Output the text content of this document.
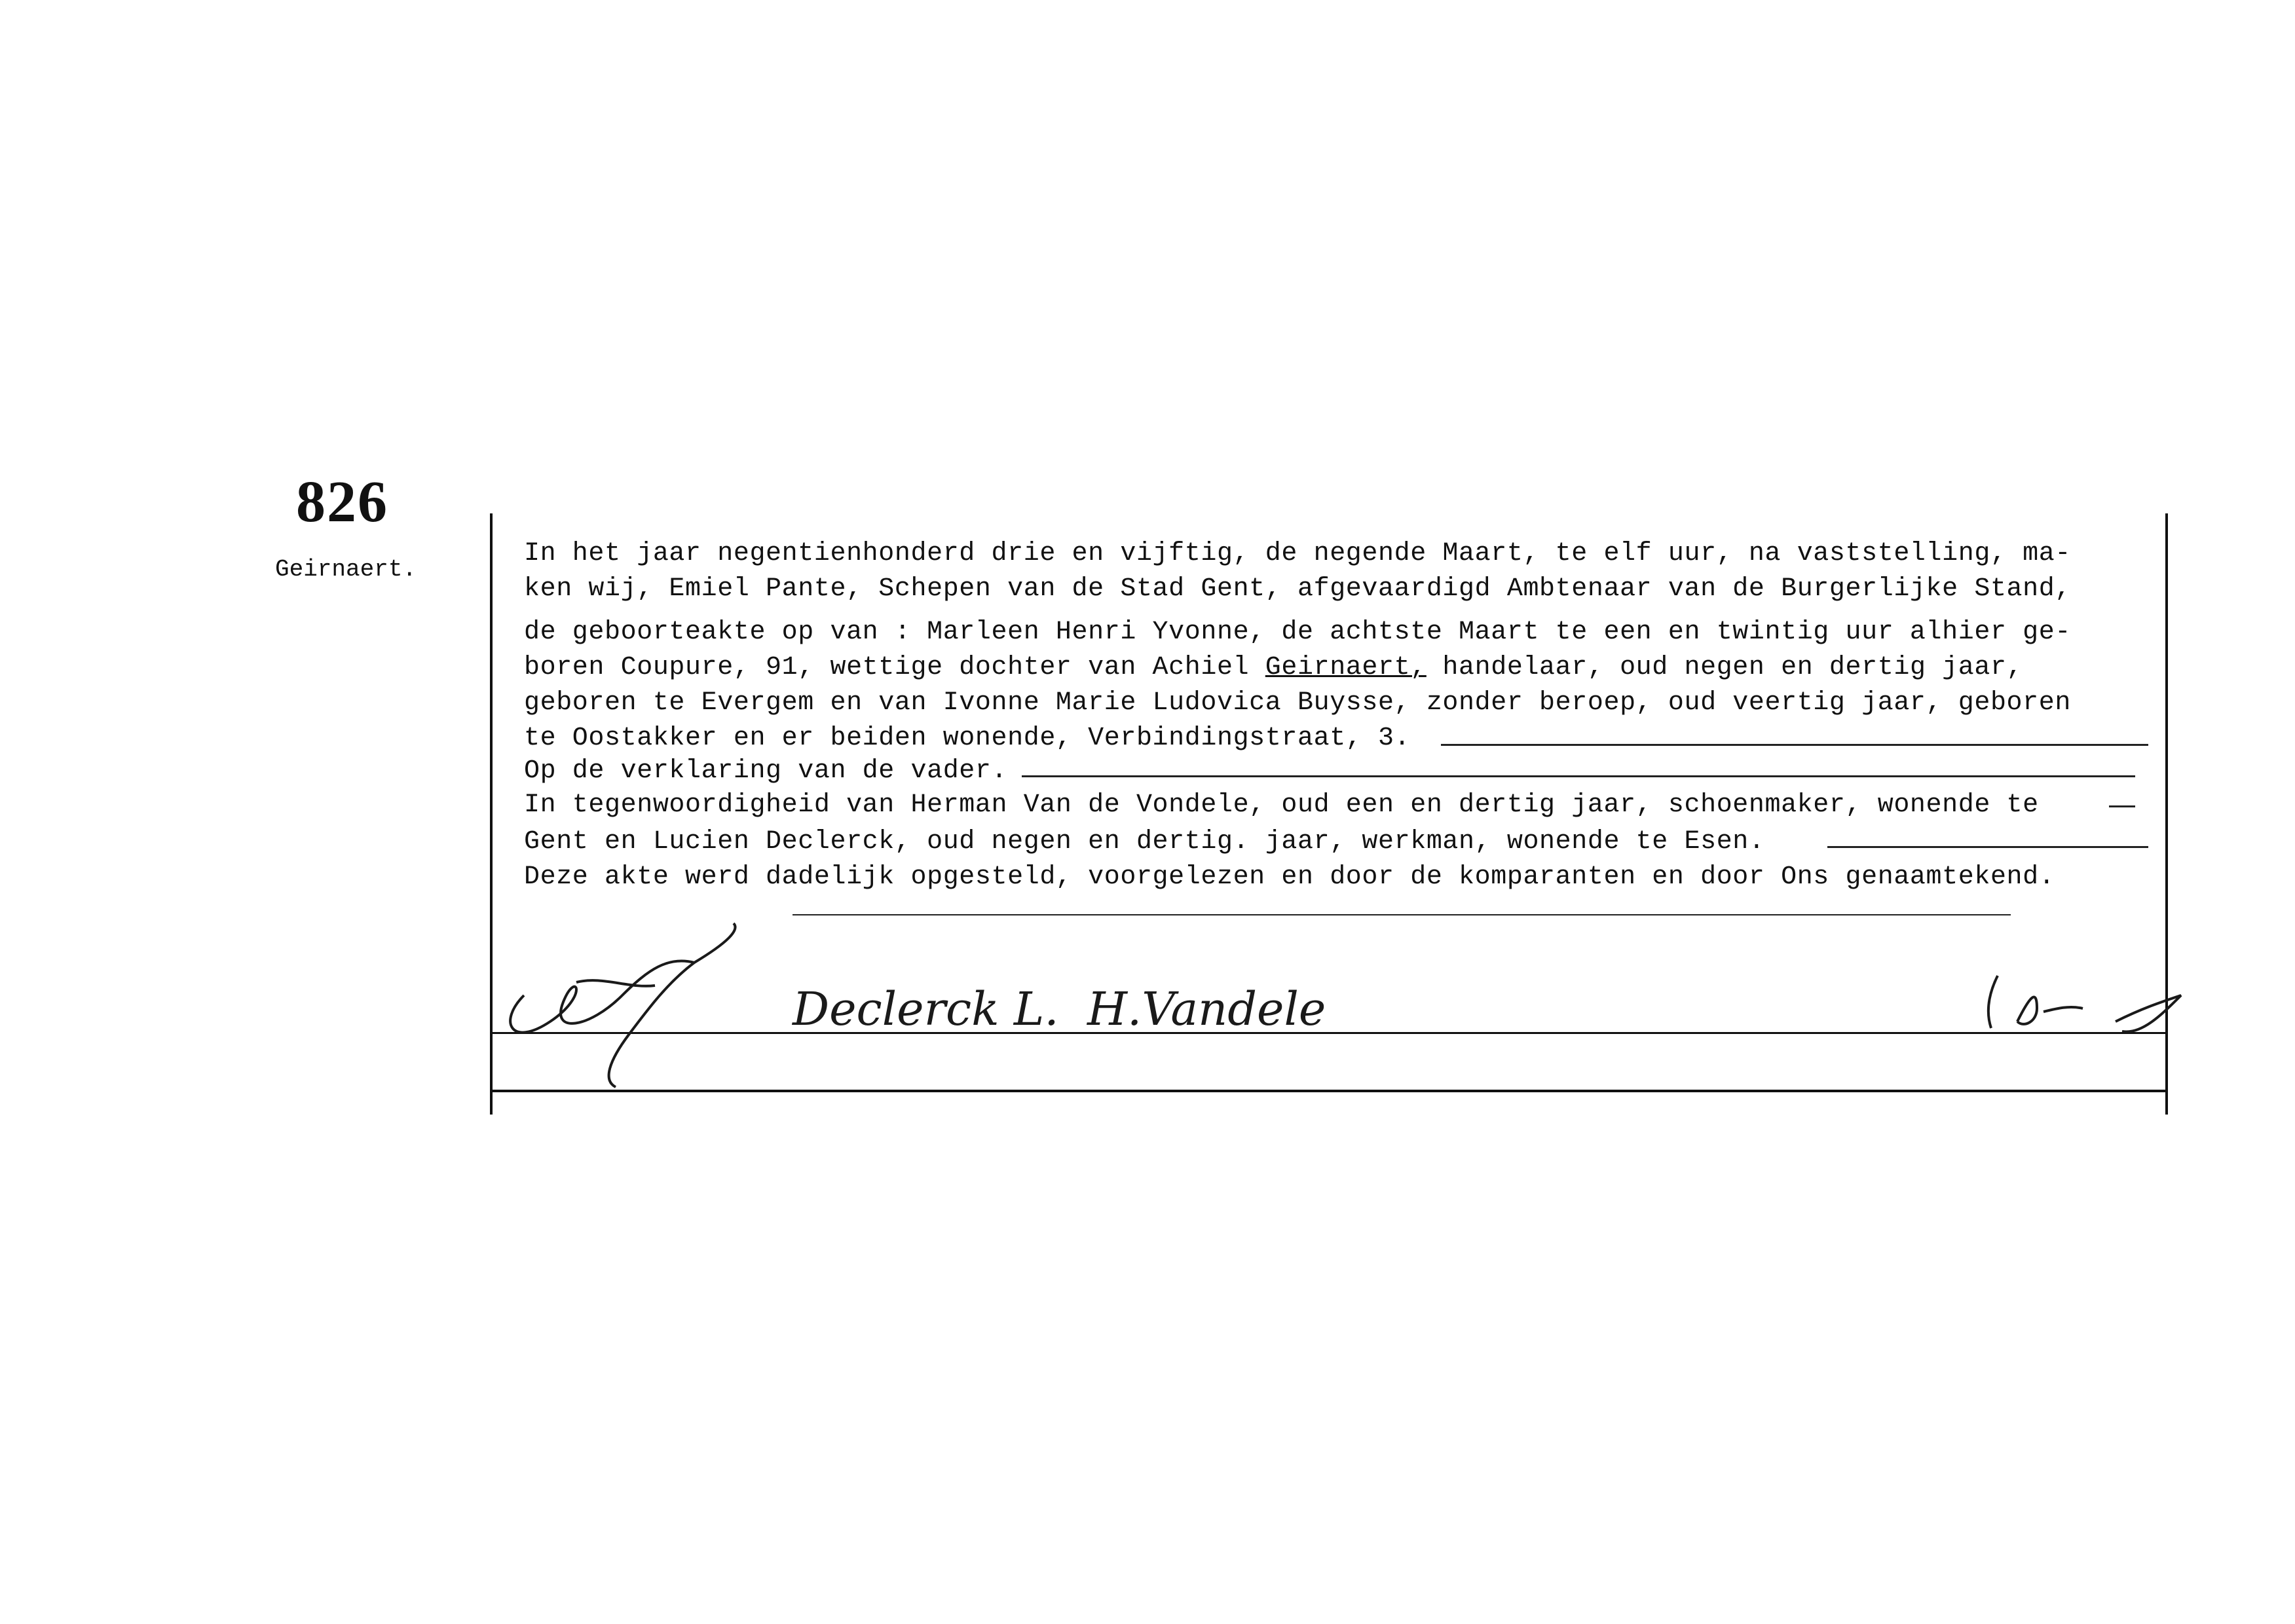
826
Geirnaert.
In het jaar negentienhonderd drie en vijftig, de negende Maart, te elf uur, na vaststelling, ma-
ken wij, Emiel Pante, Schepen van de Stad Gent, afgevaardigd Ambtenaar van de Burgerlijke Stand,
de geboorteakte op van : Marleen Henri Yvonne, de achtste Maart te een en twintig uur alhier ge-
boren Coupure, 91, wettige dochter van Achiel Geirnaert, handelaar, oud negen en dertig jaar,
geboren te Evergem en van Ivonne Marie Ludovica Buysse, zonder beroep, oud veertig jaar, geboren
te Oostakker en er beiden wonende, Verbindingstraat, 3.
Op de verklaring van de vader.
In tegenwoordigheid van Herman Van de Vondele, oud een en dertig jaar, schoenmaker, wonende te
Gent en Lucien Declerck, oud negen en dertig. jaar, werkman, wonende te Esen.
Deze akte werd dadelijk opgesteld, voorgelezen en door de komparanten en door Ons genaamtekend.
Declerck L. H.Vandele
